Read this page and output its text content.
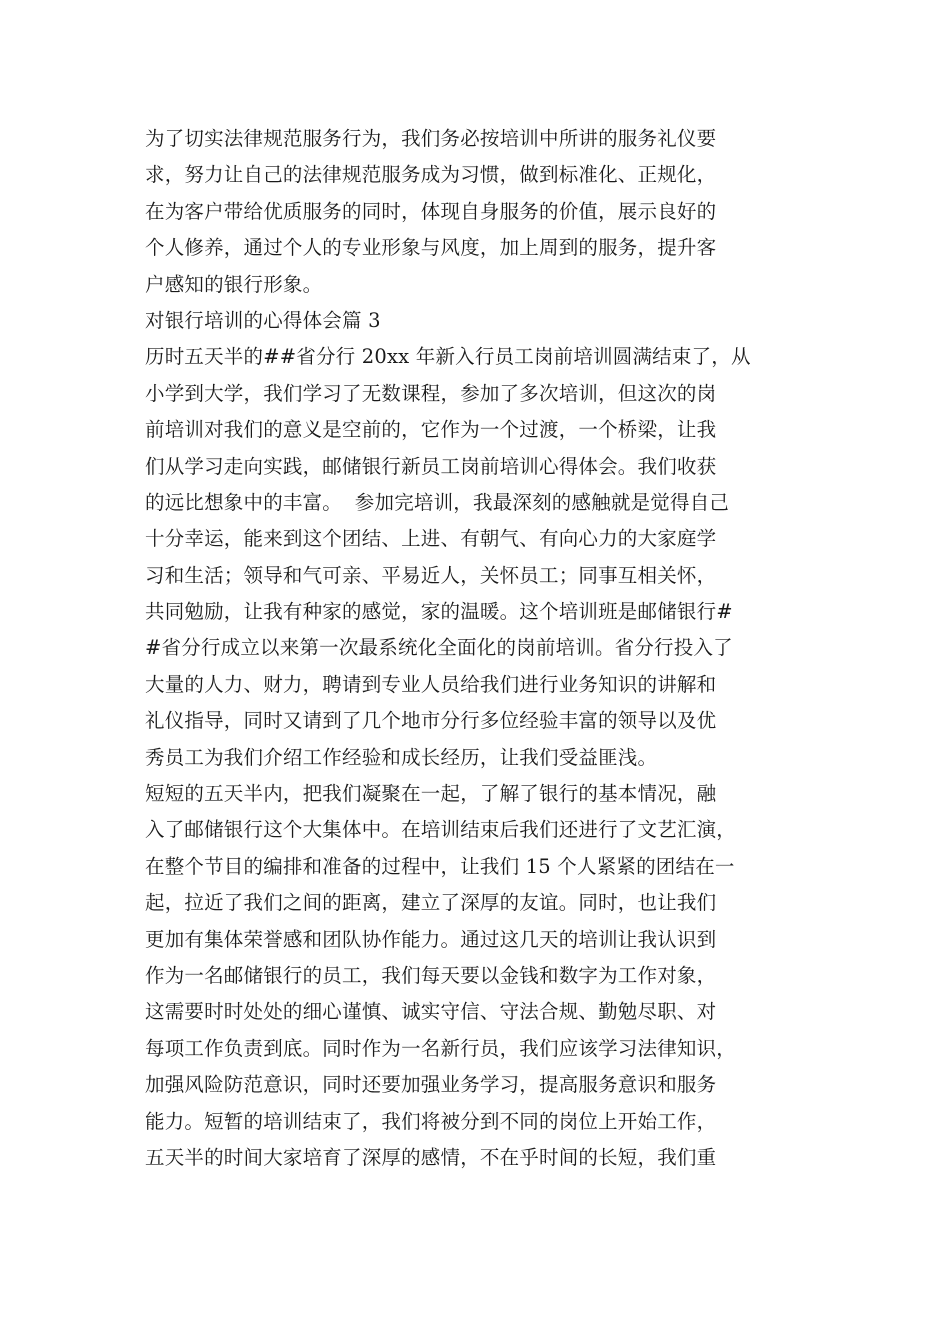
为了切实法律规范服务行为，我们务必按培训中所讲的服务礼仪要
求，努力让自己的法律规范服务成为习惯，做到标准化、正规化，
在为客户带给优质服务的同时，体现自身服务的价值，展示良好的
个人修养，通过个人的专业形象与风度，加上周到的服务，提升客
户感知的银行形象。
对银行培训的心得体会篇 3
历时五天半的##省分行 20xx 年新入行员工岗前培训圆满结束了，从
小学到大学，我们学习了无数课程，参加了多次培训，但这次的岗
前培训对我们的意义是空前的，它作为一个过渡，一个桥梁，让我
们从学习走向实践，邮储银行新员工岗前培训心得体会。我们收获
的远比想象中的丰富。  参加完培训，我最深刻的感触就是觉得自己
十分幸运，能来到这个团结、上进、有朝气、有向心力的大家庭学
习和生活；领导和气可亲、平易近人，关怀员工；同事互相关怀，
共同勉励，让我有种家的感觉，家的温暖。这个培训班是邮储银行#
#省分行成立以来第一次最系统化全面化的岗前培训。省分行投入了
大量的人力、财力，聘请到专业人员给我们进行业务知识的讲解和
礼仪指导，同时又请到了几个地市分行多位经验丰富的领导以及优
秀员工为我们介绍工作经验和成长经历，让我们受益匪浅。
短短的五天半内，把我们凝聚在一起，了解了银行的基本情况，融
入了邮储银行这个大集体中。在培训结束后我们还进行了文艺汇演，
在整个节目的编排和准备的过程中，让我们 15 个人紧紧的团结在一
起，拉近了我们之间的距离，建立了深厚的友谊。同时，也让我们
更加有集体荣誉感和团队协作能力。通过这几天的培训让我认识到
作为一名邮储银行的员工，我们每天要以金钱和数字为工作对象，
这需要时时处处的细心谨慎、诚实守信、守法合规、勤勉尽职、对
每项工作负责到底。同时作为一名新行员，我们应该学习法律知识，
加强风险防范意识，同时还要加强业务学习，提高服务意识和服务
能力。短暂的培训结束了，我们将被分到不同的岗位上开始工作，
五天半的时间大家培育了深厚的感情，不在乎时间的长短，我们重
